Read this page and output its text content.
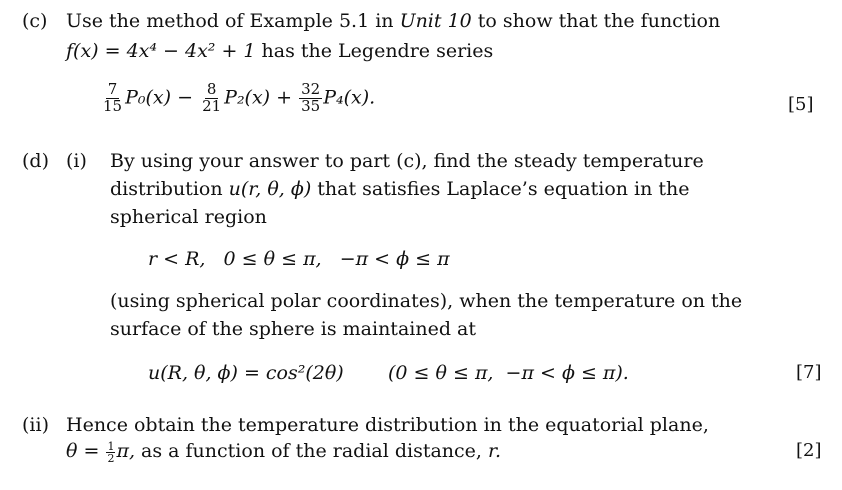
(c) Use the method of Example 5.1 in Unit 10 to show that the function
f(x) = 4x⁴ − 4x² + 1 has the Legendre series
$\frac{7}{15} P_0(x) - \frac{8}{21} P_2(x) + \frac{32}{35} P_4(x)$.	[5]
(d) (i) By using your answer to part (c), find the steady temperature
distribution u(r, θ, ϕ) that satisfies Laplace’s equation in the
spherical region
r < R,   0 ≤ θ ≤ π,   −π < ϕ ≤ π
(using spherical polar coordinates), when the temperature on the
surface of the sphere is maintained at
u(R, θ, ϕ) = cos²(2θ) (0 ≤ θ ≤ π,  −π < ϕ ≤ π).	[7]
(ii) Hence obtain the temperature distribution in the equatorial plane,
$\theta = \frac{1}{2} \pi$, as a function of the radial distance, r.	[2]
